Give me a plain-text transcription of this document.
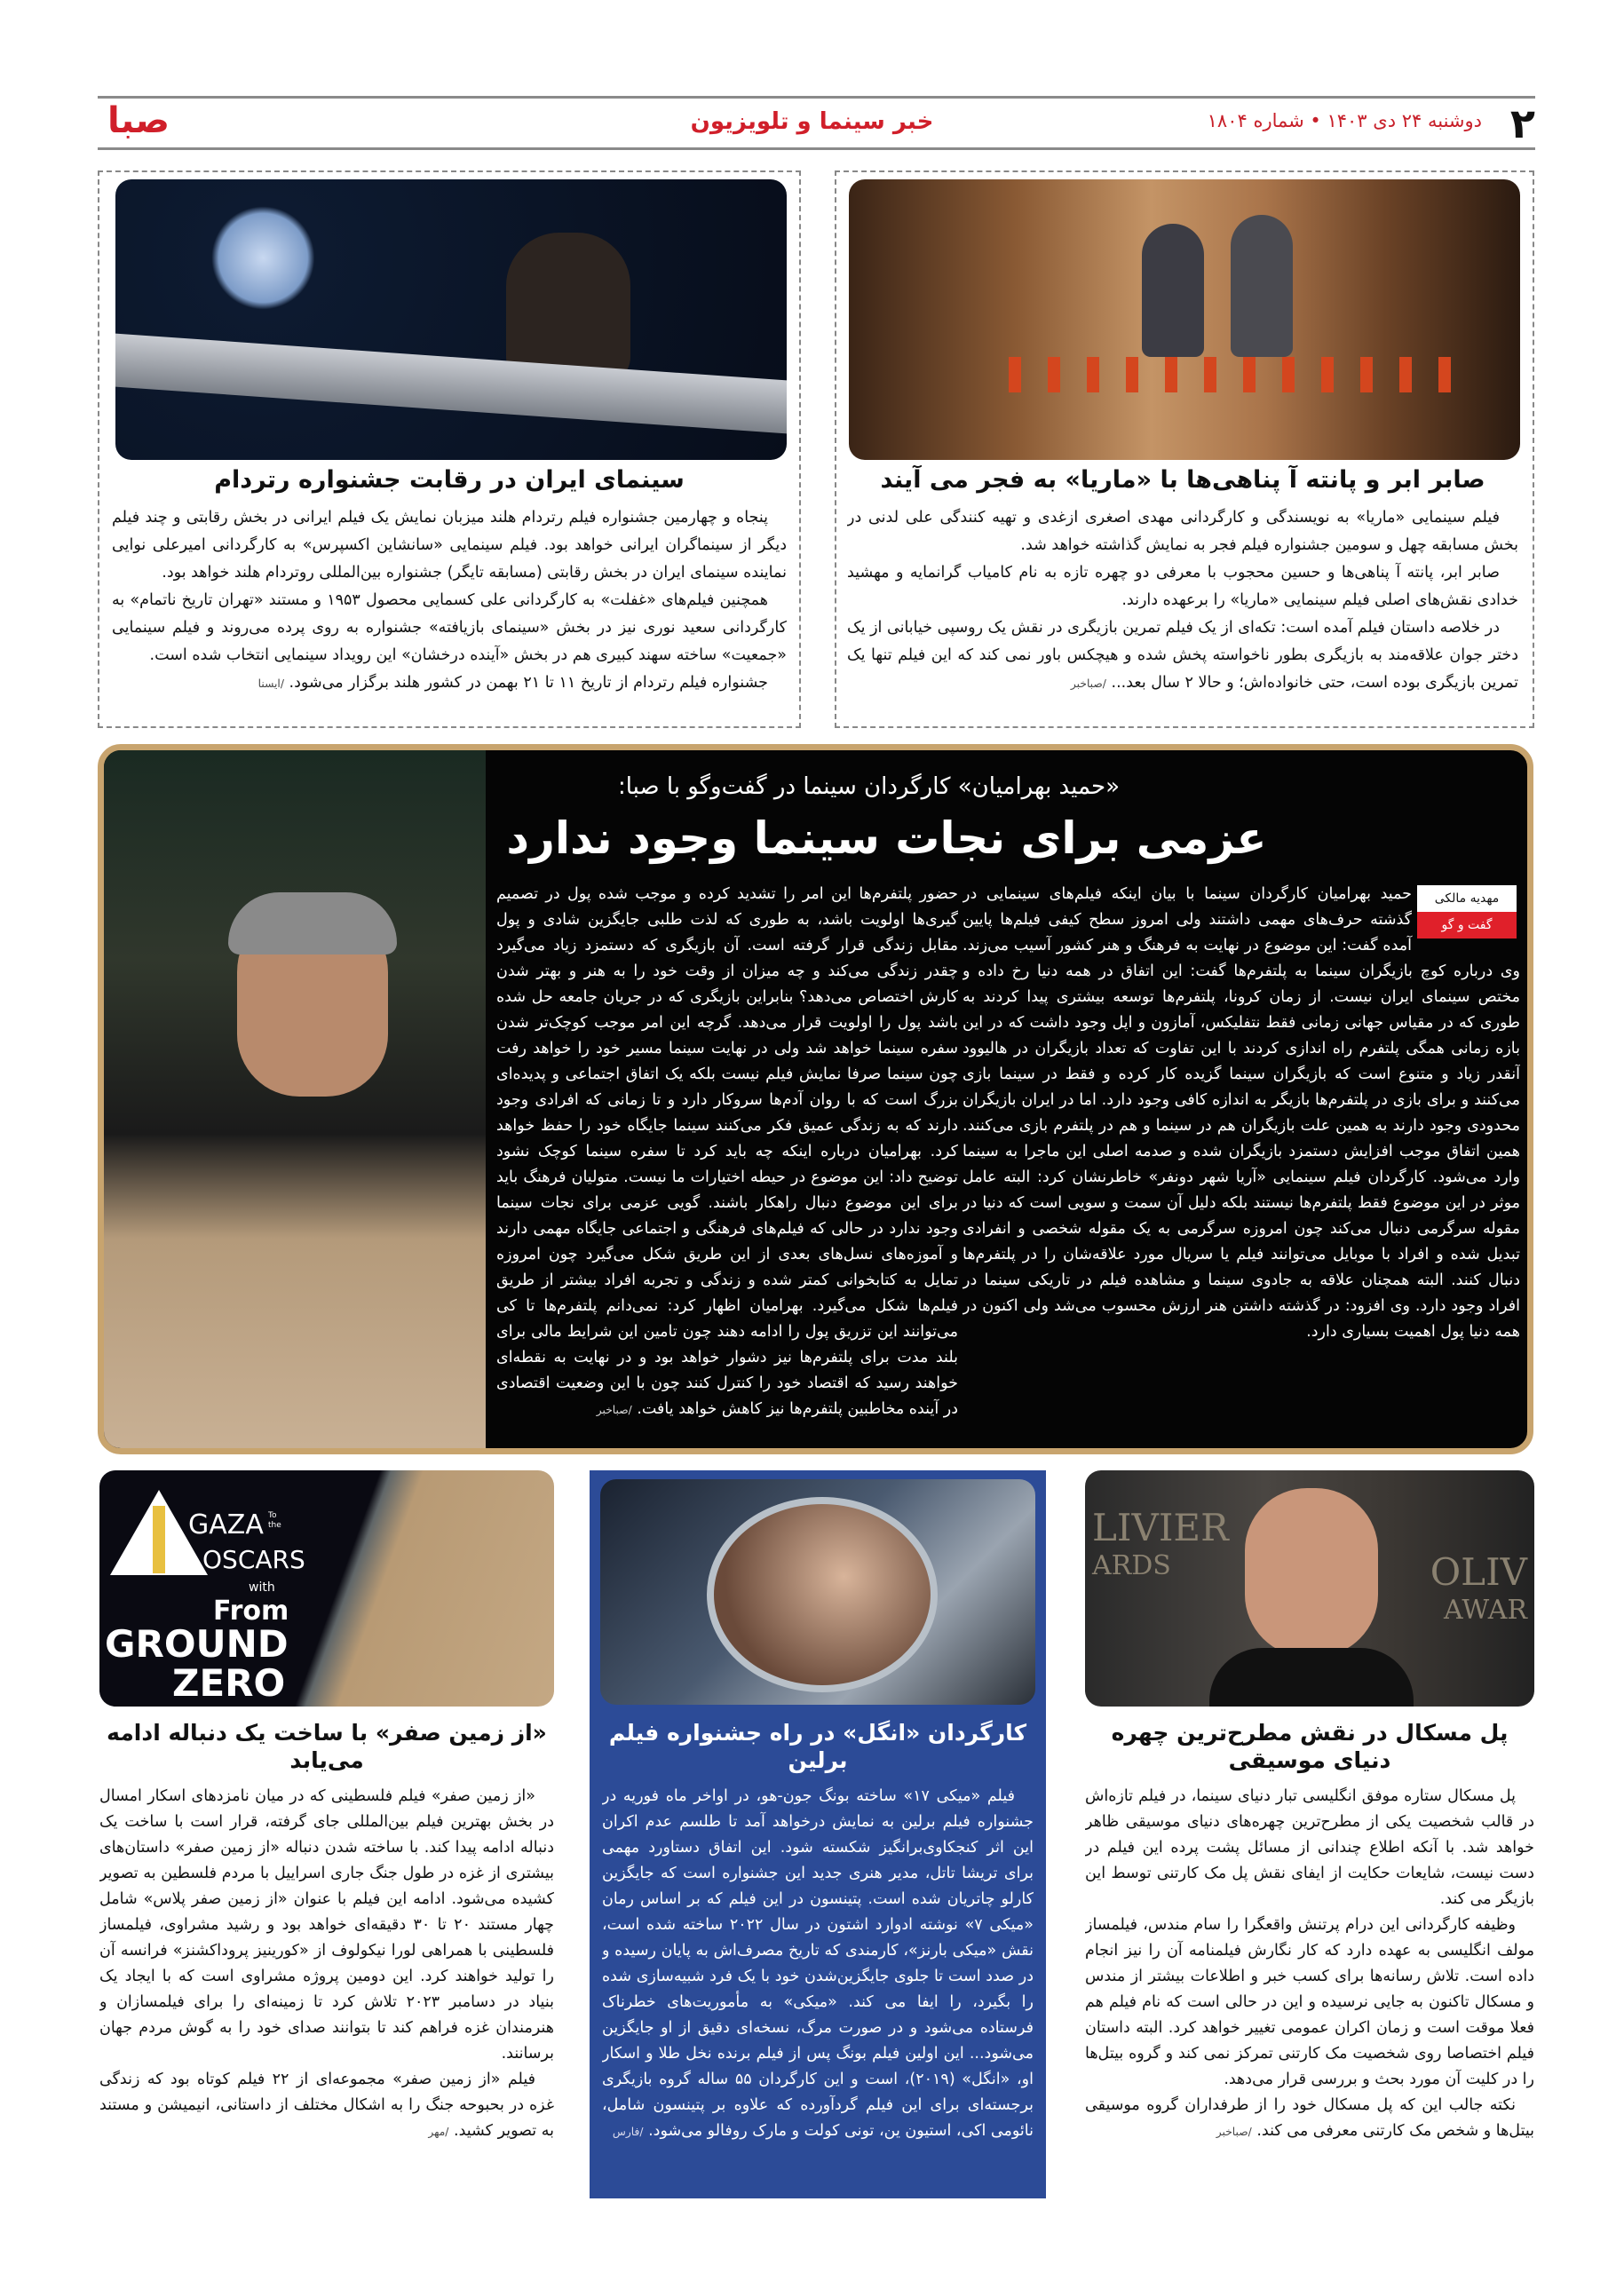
۲
دوشنبه ۲۴ دی ۱۴۰۳ • شماره ۱۸۰۴
خبر سینما و تلویزیون
صبا
صابر ابر و پانته آ پناهی‌ها با «ماریا» به فجر می آیند

فیلم سینمایی «ماریا» به نویسندگی و کارگردانی مهدی اصغری ازغدی و تهیه کنندگی علی لدنی در بخش مسابقه چهل و سومین جشنواره فیلم فجر به نمایش گذاشته خواهد شد.

صابر ابر، پانته آ پناهی‌ها و حسین محجوب با معرفی دو چهره تازه به نام کامیاب گرانمایه و مهشید خدادی نقش‌های اصلی فیلم سینمایی «ماریا» را برعهده دارند.

در خلاصه داستان فیلم آمده است: تکه‌ای از یک فیلم تمرین بازیگری در نقش یک روسپی خیابانی از یک دختر جوان علاقه‌مند به بازیگری بطور ناخواسته پخش شده و هیچکس باور نمی کند که این فیلم تنها یک تمرین بازیگری بوده است، حتی خانواده‌اش؛ و حالا ۲ سال بعد... /صباخبر

سینمای ایران در رقابت جشنواره رتردام

پنجاه و چهارمین جشنواره فیلم رتردام هلند میزبان نمایش یک فیلم ایرانی در بخش رقابتی و چند فیلم دیگر از سینماگران ایرانی خواهد بود. فیلم سینمایی «سانشاین اکسپرس» به کارگردانی امیرعلی نوایی نماینده سینمای ایران در بخش رقابتی (مسابقه تایگر) جشنواره بین‌المللی روتردام هلند خواهد بود.

همچنین فیلم‌های «غفلت» به کارگردانی علی کسمایی محصول ۱۹۵۳ و مستند «تهران تاریخ ناتمام» به کارگردانی سعید نوری نیز در بخش «سینمای بازیافته» جشنواره به روی پرده می‌روند و فیلم سینمایی «جمعیت» ساخته سهند کبیری هم در بخش «آینده درخشان» این رویداد سینمایی انتخاب شده است.

جشنواره فیلم رتردام از تاریخ ۱۱ تا ۲۱ بهمن در کشور هلند برگزار می‌شود. /ایسنا

«حمید بهرامیان» کارگردان سینما در گفت‌وگو با صبا:
عزمی برای نجات سینما وجود ندارد
مهدیه مالکی
گفت و گو
حمید بهرامیان کارگردان سینما با بیان اینکه فیلم‌های سینمایی در گذشته حرف‌های مهمی داشتند ولی امروز سطح کیفی فیلم‌ها پایین آمده گفت: این موضوع در نهایت به فرهنگ و هنر کشور آسیب می‌زند. وی درباره کوچ بازیگران سینما به پلتفرم‌ها گفت: این اتفاق در همه دنیا رخ داده و مختص سینمای ایران نیست. از زمان کرونا، پلتفرم‌ها توسعه بیشتری پیدا کردند به طوری که در مقیاس جهانی زمانی فقط نتفلیکس، آمازون و اپل وجود داشت که در این بازه زمانی همگی پلتفرم راه اندازی کردند با این تفاوت که تعداد بازیگران در هالیوود آنقدر زیاد و متنوع است که بازیگران سینما گزیده کار کرده و فقط در سینما بازی می‌کنند و برای بازی در پلتفرم‌ها بازیگر به اندازه کافی وجود دارد. اما در ایران بازیگران محدودی وجود دارند به همین علت بازیگران هم در سینما و هم در پلتفرم بازی می‌کنند. همین اتفاق موجب افزایش دستمزد بازیگران شده و صدمه اصلی این ماجرا به سینما وارد می‌شود. کارگردان فیلم سینمایی «آریا شهر دونفر» خاطرنشان کرد: البته عامل موثر در این موضوع فقط پلتفرم‌ها نیستند بلکه دلیل آن سمت و سویی است که دنیا در مقوله سرگرمی دنبال می‌کند چون امروزه سرگرمی به یک مقوله شخصی و انفرادی تبدیل شده و افراد با موبایل می‌توانند فیلم یا سریال مورد علاقه‌شان را در پلتفرم‌ها دنبال کنند. البته همچنان علاقه به جادوی سینما و مشاهده فیلم در تاریکی سینما در افراد وجود دارد. وی افزود: در گذشته داشتن هنر ارزش محسوب می‌شد ولی اکنون در همه دنیا پول اهمیت بسیاری دارد.
حضور پلتفرم‌ها این امر را تشدید کرده و موجب شده پول در تصمیم گیری‌ها اولویت باشد، به طوری که لذت طلبی جایگزین شادی و پول مقابل زندگی قرار گرفته است. آن بازیگری که دستمزد زیاد می‌گیرد چقدر زندگی می‌کند و چه میزان از وقت خود را به هنر و بهتر شدن کارش اختصاص می‌دهد؟ بنابراین بازیگری که در جریان جامعه حل شده باشد پول را اولویت قرار می‌دهد. گرچه این امر موجب کوچک‌تر شدن سفره سینما خواهد شد ولی در نهایت سینما مسیر خود را خواهد رفت چون سینما صرفا نمایش فیلم نیست بلکه یک اتفاق اجتماعی و پدیده‌ای بزرگ است که با روان آدم‌ها سروکار دارد و تا زمانی که افرادی وجود دارند که به زندگی عمیق فکر می‌کنند سینما جایگاه خود را حفظ خواهد کرد. بهرامیان درباره اینکه چه باید کرد تا سفره سینما کوچک نشود توضیح داد: این موضوع در حیطه اختیارات ما نیست. متولیان فرهنگ باید برای این موضوع دنبال راهکار باشند. گویی عزمی برای نجات سینما وجود ندارد در حالی که فیلم‌های فرهنگی و اجتماعی جایگاه مهمی دارند و آموزه‌های نسل‌های بعدی از این طریق شکل می‌گیرد چون امروزه تمایل به کتابخوانی کمتر شده و زندگی و تجربه افراد بیشتر از طریق فیلم‌ها شکل می‌گیرد. بهرامیان اظهار کرد: نمی‌دانم پلتفرم‌ها تا کی می‌توانند این تزریق پول را ادامه دهند چون تامین این شرایط مالی برای بلند مدت برای پلتفرم‌ها نیز دشوار خواهد بود و در نهایت به نقطه‌ای خواهند رسید که اقتصاد خود را کنترل کنند چون با این وضعیت اقتصادی در آینده مخاطبین پلتفرم‌ها نیز کاهش خواهد یافت. /صباخبر
LIVIER
ARDS	OLIV
AWAR
پل مسکال در نقش مطرح‌ترین چهره دنیای موسیقی

پل مسکال ستاره موفق انگلیسی تبار دنیای سینما، در فیلم تازه‌اش در قالب شخصیت یکی از مطرح‌ترین چهره‌های دنیای موسیقی ظاهر خواهد شد. با آنکه اطلاع چندانی از مسائل پشت پرده این فیلم در دست نیست، شایعات حکایت از ایفای نقش پل مک کارتنی توسط این بازیگر می کند.

وظیفه کارگردانی این درام پرتنش واقعگرا را سام مندس، فیلمساز مولف انگلیسی به عهده دارد که کار نگارش فیلمنامه آن را نیز انجام داده است. تلاش رسانه‌ها برای کسب خبر و اطلاعات بیشتر از مندس و مسکال تاکنون به جایی نرسیده و این در حالی است که نام فیلم هم فعلا موقت است و زمان اکران عمومی تغییر خواهد کرد. البته داستان فیلم اختصاصا روی شخصیت مک کارتنی تمرکز نمی کند و گروه بیتل‌ها را در کلیت آن مورد بحث و بررسی قرار می‌دهد.

نکته جالب این که پل مسکال خود را از طرفداران گروه موسیقی بیتل‌ها و شخص مک کارتنی معرفی می کند. /صباخبر

کارگردان «انگل» در راه جشنواره فیلم برلین

فیلم «میکی ۱۷» ساخته بونگ جون-هو، در اواخر ماه فوریه در جشنواره فیلم برلین به نمایش درخواهد آمد تا طلسم عدم اکران این اثر کنجکاوی‌برانگیز شکسته شود. این اتفاق دستاورد مهمی برای تریشا تاتل، مدیر هنری جدید این جشنواره است که جایگزین کارلو چاتریان شده است. پتینسون در این فیلم که بر اساس رمان «میکی ۷» نوشته ادوارد اشتون در سال ۲۰۲۲ ساخته شده است، نقش «میکی بارنز»، کارمندی که تاریخ مصرف‌اش به پایان رسیده و در صدد است تا جلوی جایگزین‌شدن خود با یک فرد شبیه‌سازی شده را بگیرد، را ایفا می کند. «میکی» به مأموریت‌های خطرناک فرستاده می‌شود و در صورت مرگ، نسخه‌ای دقیق از او جایگزین می‌شود... این اولین فیلم بونگ پس از فیلم برنده نخل طلا و اسکار او، «انگل» (۲۰۱۹)، است و این کارگردان ۵۵ ساله گروه بازیگری برجسته‌ای برای این فیلم گردآورده که علاوه بر پتینسون شامل، نائومی اکی، استیون ین، تونی کولت و مارک روفالو می‌شود. /فارس

GAZA To the
OSCARS
with
From
GROUND
ZERO
«از زمین صفر» با ساخت یک دنباله ادامه می‌یابد

«از زمین صفر» فیلم فلسطینی که در میان نامزدهای اسکار امسال در بخش بهترین فیلم بین‌المللی جای گرفته، قرار است با ساخت یک دنباله ادامه پیدا کند. با ساخته شدن دنباله «از زمین صفر» داستان‌های بیشتری از غزه در طول جنگ جاری اسراییل با مردم فلسطین به تصویر کشیده می‌شود. ادامه این فیلم با عنوان «از زمین صفر پلاس» شامل چهار مستند ۲۰ تا ۳۰ دقیقه‌ای خواهد بود و رشید مشراوی، فیلمساز فلسطینی با همراهی لورا نیکولوف از «کورینیز پروداکشنز» فرانسه آن را تولید خواهند کرد. این دومین پروژه مشراوی است که با ایجاد یک بنیاد در دسامبر ۲۰۲۳ تلاش کرد تا زمینه‌ای را برای فیلمسازان و هنرمندان غزه فراهم کند تا بتوانند صدای خود را به گوش مردم جهان برسانند.

فیلم «از زمین صفر» مجموعه‌ای از ۲۲ فیلم کوتاه بود که زندگی غزه در بحبوحه جنگ را به اشکال مختلف از داستانی، انیمیشن و مستند به تصویر کشید. /مهر
